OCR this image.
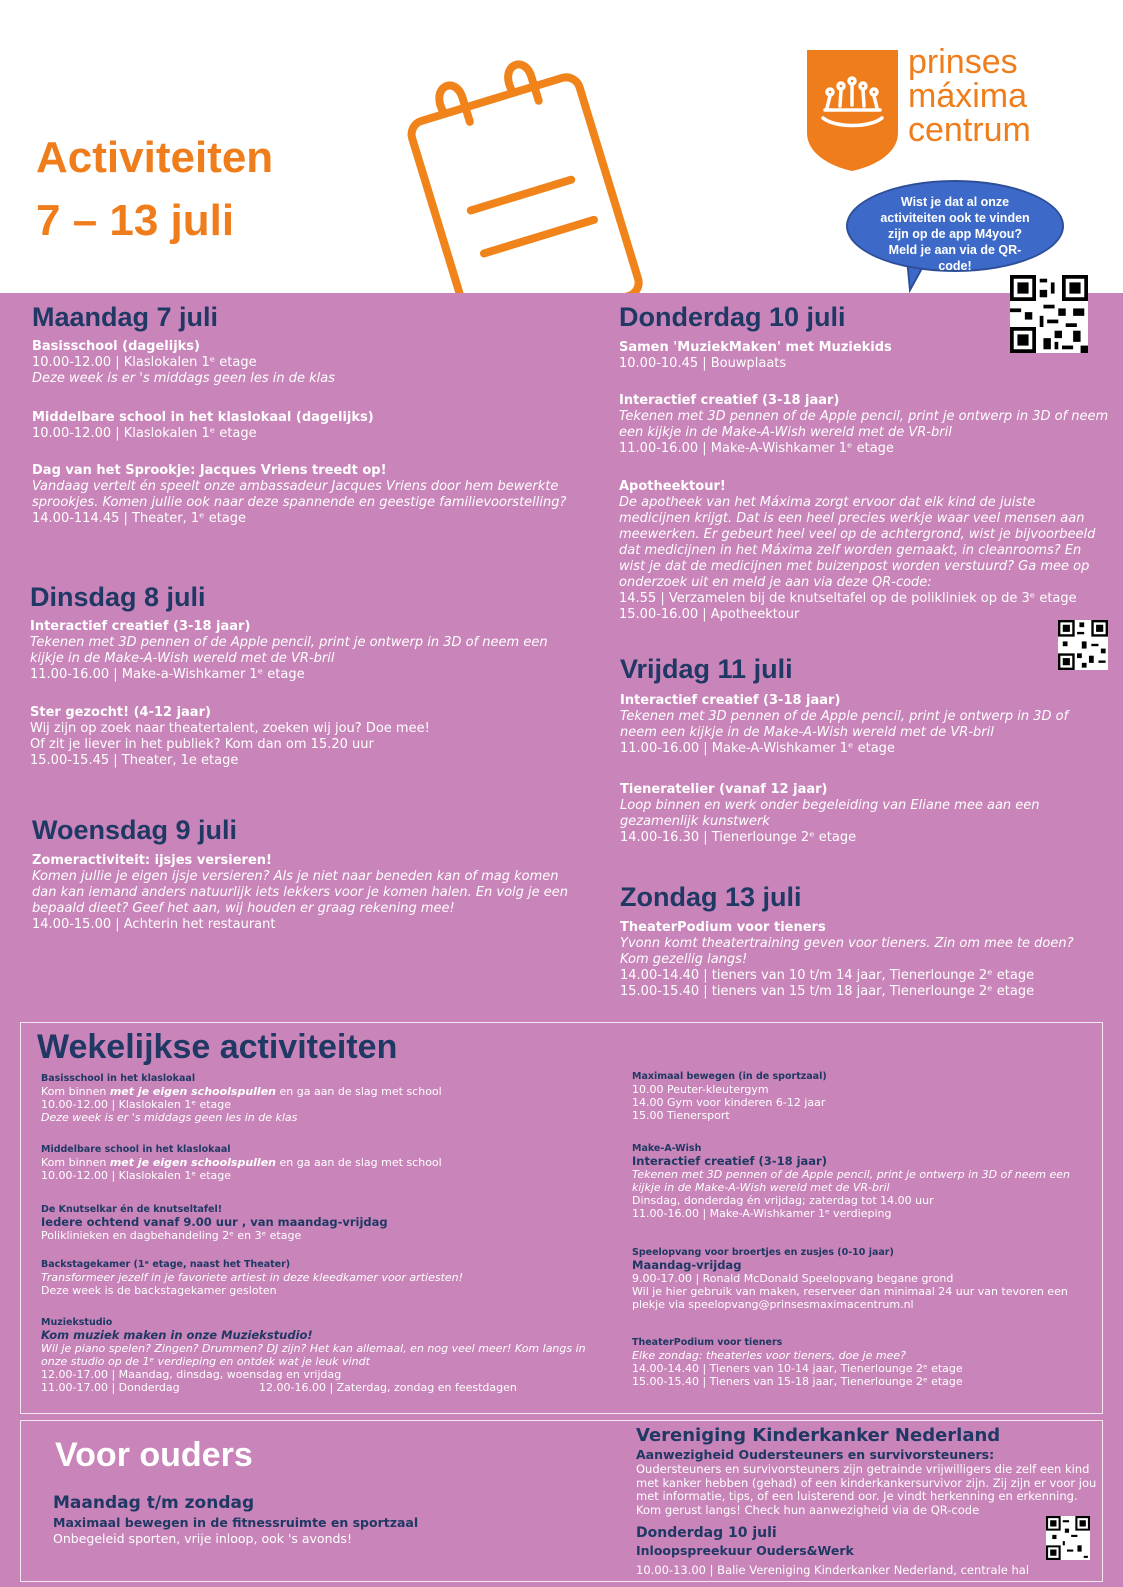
Activiteiten
7 – 13 juli
prinses
máxima
centrum
Wist je dat al onze activiteiten ook te vinden zijn op de app M4you? Meld je aan via de QR-code!
Maandag 7 juli
Basisschool (dagelijks)
10.00-12.00 | Klaslokalen 1ᵉ etage
Deze week is er 's middags geen les in de klas
Middelbare school in het klaslokaal (dagelijks)
10.00-12.00 | Klaslokalen 1ᵉ etage
Dag van het Sprookje: Jacques Vriens treedt op!
Vandaag vertelt én speelt onze ambassadeur Jacques Vriens door hem bewerkte sprookjes. Komen jullie ook naar deze spannende en geestige familievoorstelling?
14.00-114.45 | Theater, 1ᵉ etage
Dinsdag 8 juli
Interactief creatief (3-18 jaar)
Tekenen met 3D pennen of de Apple pencil, print je ontwerp in 3D of neem een kijkje in de Make-A-Wish wereld met de VR-bril
11.00-16.00 | Make-a-Wishkamer 1ᵉ etage
Ster gezocht! (4-12 jaar)
Wij zijn op zoek naar theatertalent, zoeken wij jou? Doe mee!
Of zit je liever in het publiek? Kom dan om 15.20 uur
15.00-15.45 | Theater, 1e etage
Woensdag 9 juli
Zomeractiviteit: ijsjes versieren!
Komen jullie je eigen ijsje versieren? Als je niet naar beneden kan of mag komen dan kan iemand anders natuurlijk iets lekkers voor je komen halen. En volg je een bepaald dieet? Geef het aan, wij houden er graag rekening mee!
14.00-15.00 | Achterin het restaurant
Donderdag 10 juli
Samen 'MuziekMaken' met Muziekids
10.00-10.45 | Bouwplaats
Interactief creatief (3-18 jaar)
Tekenen met 3D pennen of de Apple pencil, print je ontwerp in 3D of neem een kijkje in de Make-A-Wish wereld met de VR-bril
11.00-16.00 | Make-A-Wishkamer 1ᵉ etage
Apotheektour!
De apotheek van het Máxima zorgt ervoor dat elk kind de juiste medicijnen krijgt. Dat is een heel precies werkje waar veel mensen aan meewerken. Er gebeurt heel veel op de achtergrond, wist je bijvoorbeeld dat medicijnen in het Máxima zelf worden gemaakt, in cleanrooms? En wist je dat de medicijnen met buizenpost worden verstuurd? Ga mee op onderzoek uit en meld je aan via deze QR-code:
14.55 | Verzamelen bij de knutseltafel op de polikliniek op de 3ᵉ etage
15.00-16.00 | Apotheektour
Vrijdag 11 juli
Interactief creatief (3-18 jaar)
Tekenen met 3D pennen of de Apple pencil, print je ontwerp in 3D of neem een kijkje in de Make-A-Wish wereld met de VR-bril
11.00-16.00 | Make-A-Wishkamer 1ᵉ etage
Tieneratelier (vanaf 12 jaar)
Loop binnen en werk onder begeleiding van Eliane mee aan een gezamenlijk kunstwerk
14.00-16.30 | Tienerlounge 2ᵉ etage
Zondag 13 juli
TheaterPodium voor tieners
Yvonn komt theatertraining geven voor tieners. Zin om mee te doen? Kom gezellig langs!
14.00-14.40 | tieners van 10 t/m 14 jaar, Tienerlounge 2ᵉ etage
15.00-15.40 | tieners van 15 t/m 18 jaar, Tienerlounge 2ᵉ etage
Wekelijkse activiteiten
Basisschool in het klaslokaal
Kom binnen met je eigen schoolspullen en ga aan de slag met school
10.00-12.00 | Klaslokalen 1ᵉ etage
Deze week is er 's middags geen les in de klas
Middelbare school in het klaslokaal
Kom binnen met je eigen schoolspullen en ga aan de slag met school
10.00-12.00 | Klaslokalen 1ᵉ etage
De Knutselkar én de knutseltafel!
Iedere ochtend vanaf 9.00 uur , van maandag-vrijdag
Poliklinieken en dagbehandeling 2ᵉ en 3ᵉ etage
Backstagekamer (1ᵉ etage, naast het Theater)
Transformeer jezelf in je favoriete artiest in deze kleedkamer voor artiesten!
Deze week is de backstagekamer gesloten
Muziekstudio
Kom muziek maken in onze Muziekstudio!
Wil je piano spelen? Zingen? Drummen? DJ zijn? Het kan allemaal, en nog veel meer! Kom langs in onze studio op de 1ᵉ verdieping en ontdek wat je leuk vindt
12.00-17.00 | Maandag, dinsdag, woensdag en vrijdag
11.00-17.00 | Donderdag	12.00-16.00 | Zaterdag, zondag en feestdagen
Maximaal bewegen (in de sportzaal)
10.00 Peuter-kleutergym
14.00 Gym voor kinderen 6-12 jaar
15.00 Tienersport
Make-A-Wish
Interactief creatief (3-18 jaar)
Tekenen met 3D pennen of de Apple pencil, print je ontwerp in 3D of neem een kijkje in de Make-A-Wish wereld met de VR-bril
Dinsdag, donderdag én vrijdag; zaterdag tot 14.00 uur
11.00-16.00 | Make-A-Wishkamer 1ᵉ verdieping
Speelopvang voor broertjes en zusjes (0-10 jaar)
Maandag-vrijdag
9.00-17.00 | Ronald McDonald Speelopvang begane grond
Wil je hier gebruik van maken, reserveer dan minimaal 24 uur van tevoren een plekje via speelopvang@prinsesmaximacentrum.nl
TheaterPodium voor tieners
Elke zondag: theaterles voor tieners, doe je mee?
14.00-14.40 | Tieners van 10-14 jaar, Tienerlounge 2ᵉ etage
15.00-15.40 | Tieners van 15-18 jaar, Tienerlounge 2ᵉ etage
Voor ouders
Maandag t/m zondag
Maximaal bewegen in de fitnessruimte en sportzaal
Onbegeleid sporten, vrije inloop, ook 's avonds!
Vereniging Kinderkanker Nederland
Aanwezigheid Oudersteuners en survivorsteuners:
Oudersteuners en survivorsteuners zijn getrainde vrijwilligers die zelf een kind met kanker hebben (gehad) of een kinderkankersurvivor zijn. Zij zijn er voor jou met informatie, tips, of een luisterend oor. Je vindt herkenning en erkenning. Kom gerust langs! Check hun aanwezigheid via de QR-code
Donderdag 10 juli
Inloopspreekuur Ouders&Werk
10.00-13.00 | Balie Vereniging Kinderkanker Nederland, centrale hal
